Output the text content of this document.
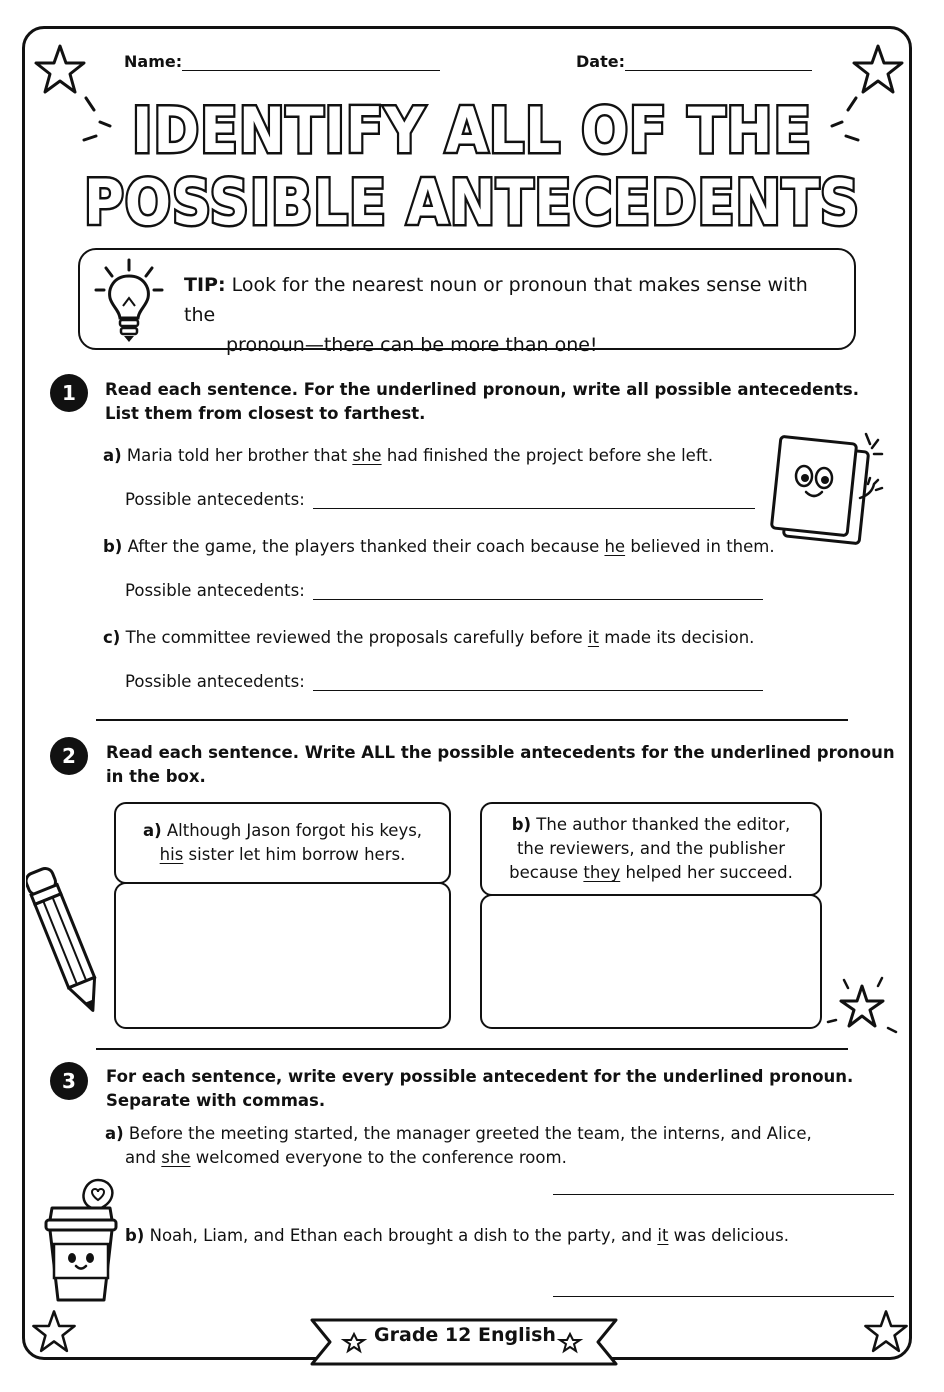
Name:	Date:
IDENTIFY ALL OF THE
POSSIBLE ANTECEDENTS
TIP: Look for the nearest noun or pronoun that makes sense with the
pronoun—there can be more than one!
1	Read each sentence. For the underlined pronoun, write all possible antecedents.
List them from closest to farthest.
a) Maria told her brother that she had finished the project before she left.
Possible antecedents:
b) After the game, the players thanked their coach because he believed in them.
Possible antecedents:
c) The committee reviewed the proposals carefully before it made its decision.
Possible antecedents:
2	Read each sentence. Write ALL the possible antecedents for the underlined pronoun
in the box.
a) Although Jason forgot his keys,
his sister let him borrow hers.
b) The author thanked the editor,
the reviewers, and the publisher
because they helped her succeed.
3	For each sentence, write every possible antecedent for the underlined pronoun.
Separate with commas.
a) Before the meeting started, the manager greeted the team, the interns, and Alice,
and she welcomed everyone to the conference room.
b) Noah, Liam, and Ethan each brought a dish to the party, and it was delicious.
Grade 12 English
